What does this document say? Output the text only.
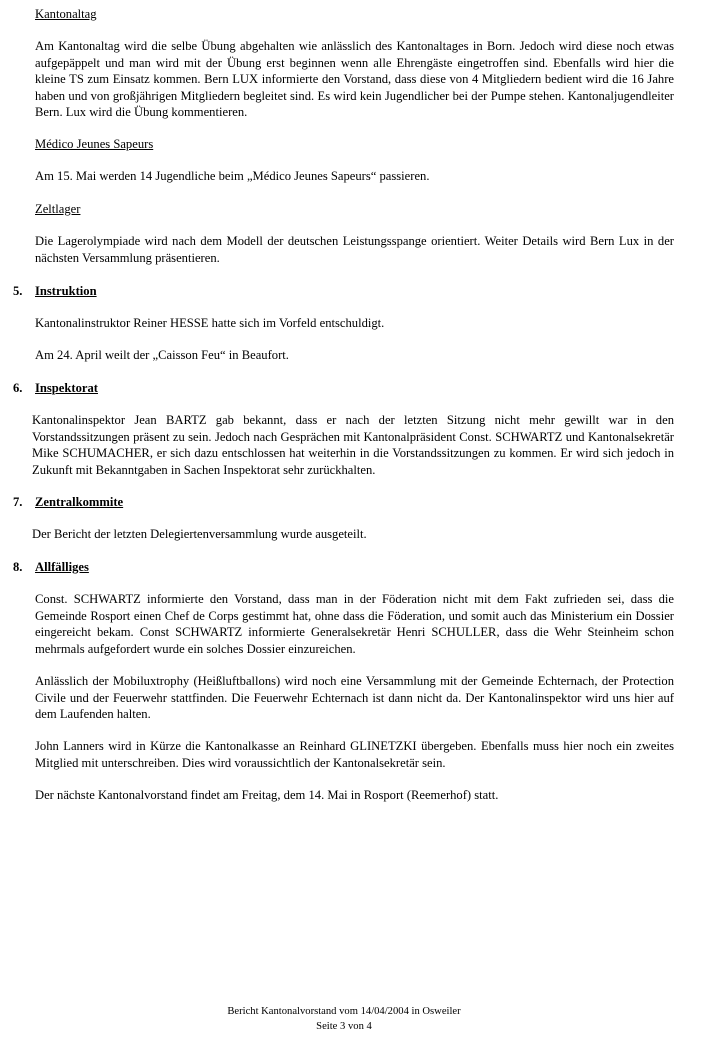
Kantonaltag
Am Kantonaltag wird die selbe Übung abgehalten wie anlässlich des Kantonaltages in Born. Jedoch wird diese noch etwas aufgepäppelt und man wird mit der Übung erst beginnen wenn alle Ehrengäste eingetroffen sind. Ebenfalls wird hier die kleine TS zum Einsatz kommen. Bern LUX informierte den Vorstand, dass diese von 4 Mitgliedern bedient wird die 16 Jahre haben und von großjährigen Mitgliedern begleitet sind. Es wird kein Jugendlicher bei der Pumpe stehen. Kantonaljugendleiter Bern. Lux wird die Übung kommentieren.
Médico Jeunes Sapeurs
Am 15. Mai werden 14 Jugendliche beim „Médico Jeunes Sapeurs“ passieren.
Zeltlager
Die Lagerolympiade wird nach dem Modell der deutschen Leistungsspange orientiert. Weiter Details wird Bern Lux in der nächsten Versammlung präsentieren.
5. Instruktion
Kantonalinstruktor Reiner HESSE hatte sich im Vorfeld entschuldigt.
Am 24. April weilt der „Caisson Feu“ in Beaufort.
6. Inspektorat
Kantonalinspektor Jean BARTZ gab bekannt, dass er nach der letzten Sitzung nicht mehr gewillt war in den Vorstandssitzungen präsent zu sein. Jedoch nach Gesprächen mit Kantonalpräsident Const. SCHWARTZ und Kantonalsekretär Mike SCHUMACHER, er sich dazu entschlossen hat weiterhin in die Vorstandssitzungen zu kommen. Er wird sich jedoch in Zukunft mit Bekanntgaben in Sachen Inspektorat sehr zurückhalten.
7. Zentralkommite
Der Bericht der letzten Delegiertenversammlung wurde ausgeteilt.
8. Allfälliges
Const. SCHWARTZ informierte den Vorstand, dass man in der Föderation nicht mit dem Fakt zufrieden sei, dass die Gemeinde Rosport einen Chef de Corps gestimmt hat, ohne dass die Föderation, und somit auch das Ministerium ein Dossier eingereicht bekam. Const SCHWARTZ informierte Generalsekretär Henri SCHULLER, dass die Wehr Steinheim schon mehrmals aufgefordert wurde ein solches Dossier einzureichen.
Anlässlich der Mobiluxtrophy (Heißluftballons) wird noch eine Versammlung mit der Gemeinde Echternach, der Protection Civile und der Feuerwehr stattfinden. Die Feuerwehr Echternach ist dann nicht da. Der Kantonalinspektor wird uns hier auf dem Laufenden halten.
John Lanners wird in Kürze die Kantonalkasse an Reinhard GLINETZKI übergeben. Ebenfalls muss hier noch ein zweites Mitglied mit unterschreiben. Dies wird voraussichtlich der Kantonalsekretär sein.
Der nächste Kantonalvorstand findet am Freitag, dem 14. Mai in Rosport (Reemerhof) statt.
Bericht Kantonalvorstand vom 14/04/2004 in Osweiler
Seite 3 von 4
